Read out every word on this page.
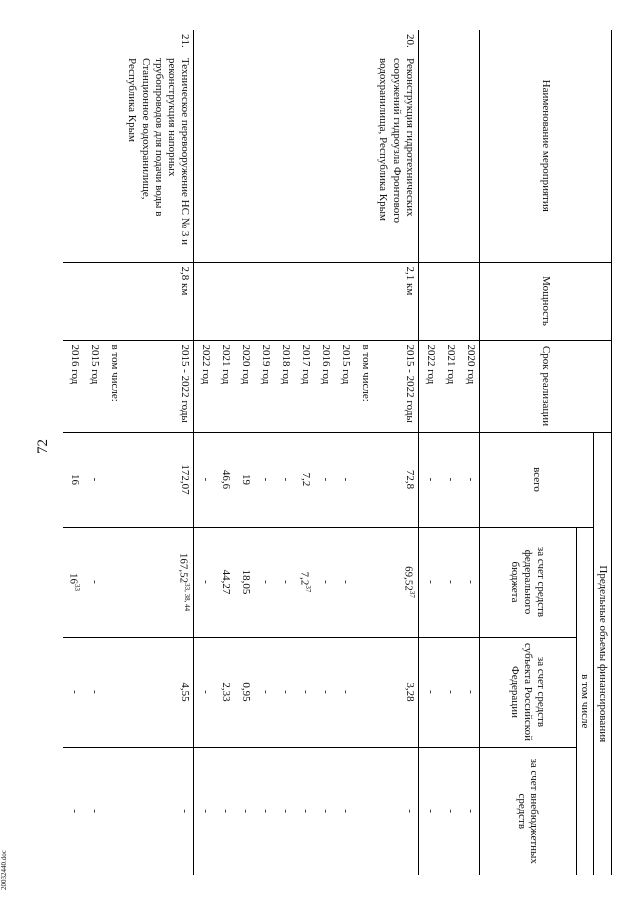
72
20032440.doc
Наименование мероприятия	Мощность	Срок реализации	Предельные объемы финансирования			
			всего	в том числе		
				за счет средств федерального бюджета	за счет средств субъекта Российской Федерации	за счет внебюджетных средств
		2020 год	-	-	-	-
		2021 год	-	-	-	-
		2022 год	-	-	-	-
20.Реконструкция гидротехнических сооружений гидроузла Фронтового водохранилища, Республика Крым	2,1 км	2015 - 2022 годы	72,8	69,52$^{37}$	3,28	-
		в том числе:				
		2015 год	-	-	-	-
		2016 год	-	-	-	-
		2017 год	7,2	$7,2^{37}$	-	-
		2018 год	-	-	-	-
		2019 год	-	-	-	-
		2020 год	19	18,05	0,95	-
		2021 год	46,6	44,27	2,33	-
		2022 год	-	-	-	-
21.Техническое перевооружение НС № 3 и реконструкция напорных трубопроводов для подачи воды в Станционное водохранилище, Республика Крым	2,8 км	2015 - 2022 годы	172,07	167,52$^{33, 38, 44}$	4,55	-
		в том числе:				
		2015 год	-	-	-	-
		2016 год	16	$16^{33}$	-	-
